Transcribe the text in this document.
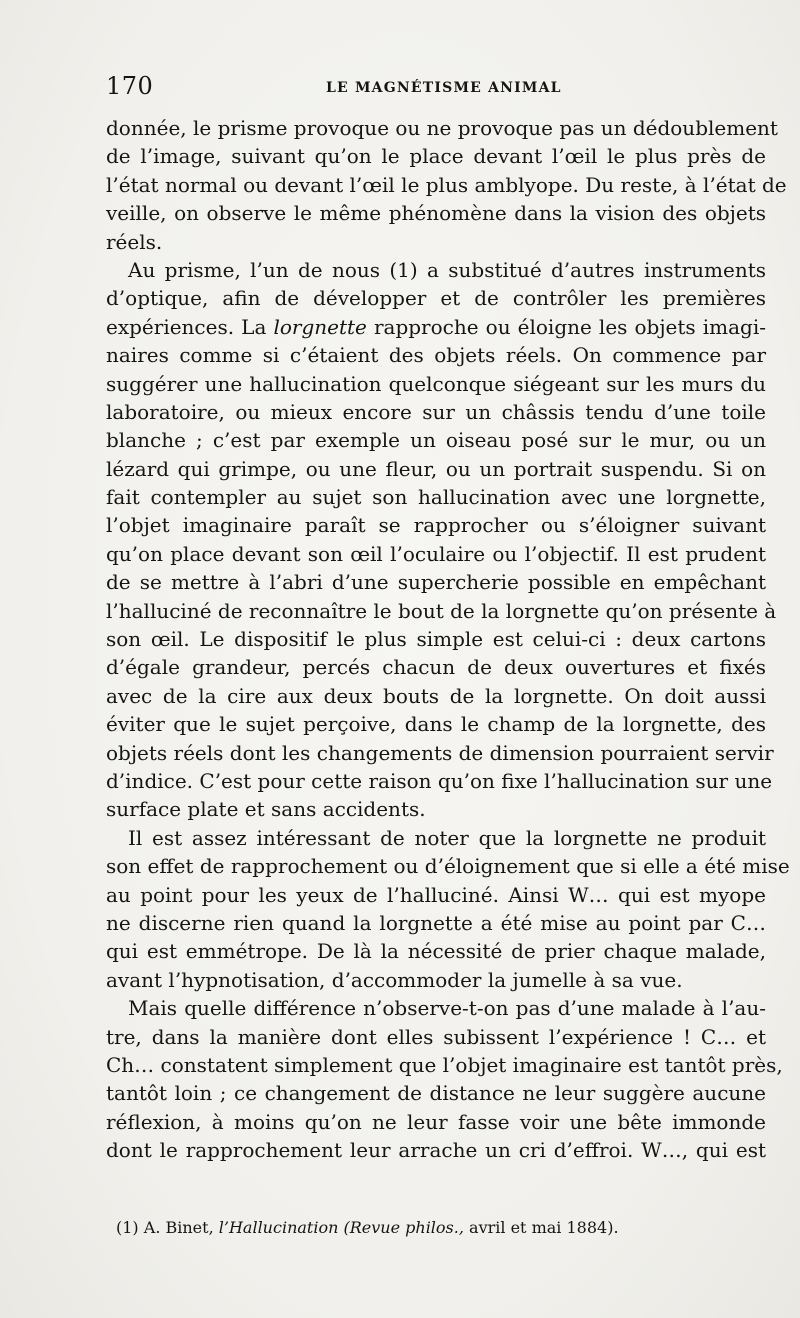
170	LE MAGNÉTISME ANIMAL
donnée, le prisme provoque ou ne provoque pas un dédoublement
de l’image, suivant qu’on le place devant l’œil le plus près de
l’état normal ou devant l’œil le plus amblyope. Du reste, à l’état de
veille, on observe le même phénomène dans la vision des objets
réels.
Au prisme, l’un de nous (1) a substitué d’autres instruments
d’optique, afin de développer et de contrôler les premières
expériences. La lorgnette rapproche ou éloigne les objets imagi-
naires comme si c’étaient des objets réels. On commence par
suggérer une hallucination quelconque siégeant sur les murs du
laboratoire, ou mieux encore sur un châssis tendu d’une toile
blanche ; c’est par exemple un oiseau posé sur le mur, ou un
lézard qui grimpe, ou une fleur, ou un portrait suspendu. Si on
fait contempler au sujet son hallucination avec une lorgnette,
l’objet imaginaire paraît se rapprocher ou s’éloigner suivant
qu’on place devant son œil l’oculaire ou l’objectif. Il est prudent
de se mettre à l’abri d’une supercherie possible en empêchant
l’halluciné de reconnaître le bout de la lorgnette qu’on présente à
son œil. Le dispositif le plus simple est celui-ci : deux cartons
d’égale grandeur, percés chacun de deux ouvertures et fixés
avec de la cire aux deux bouts de la lorgnette. On doit aussi
éviter que le sujet perçoive, dans le champ de la lorgnette, des
objets réels dont les changements de dimension pourraient servir
d’indice. C’est pour cette raison qu’on fixe l’hallucination sur une
surface plate et sans accidents.
Il est assez intéressant de noter que la lorgnette ne produit
son effet de rapprochement ou d’éloignement que si elle a été mise
au point pour les yeux de l’halluciné. Ainsi W… qui est myope
ne discerne rien quand la lorgnette a été mise au point par C…
qui est emmétrope. De là la nécessité de prier chaque malade,
avant l’hypnotisation, d’accommoder la jumelle à sa vue.
Mais quelle différence n’observe-t-on pas d’une malade à l’au-
tre, dans la manière dont elles subissent l’expérience ! C… et
Ch… constatent simplement que l’objet imaginaire est tantôt près,
tantôt loin ; ce changement de distance ne leur suggère aucune
réflexion, à moins qu’on ne leur fasse voir une bête immonde
dont le rapprochement leur arrache un cri d’effroi. W…, qui est
(1) A. Binet, l’Hallucination (Revue philos., avril et mai 1884).
